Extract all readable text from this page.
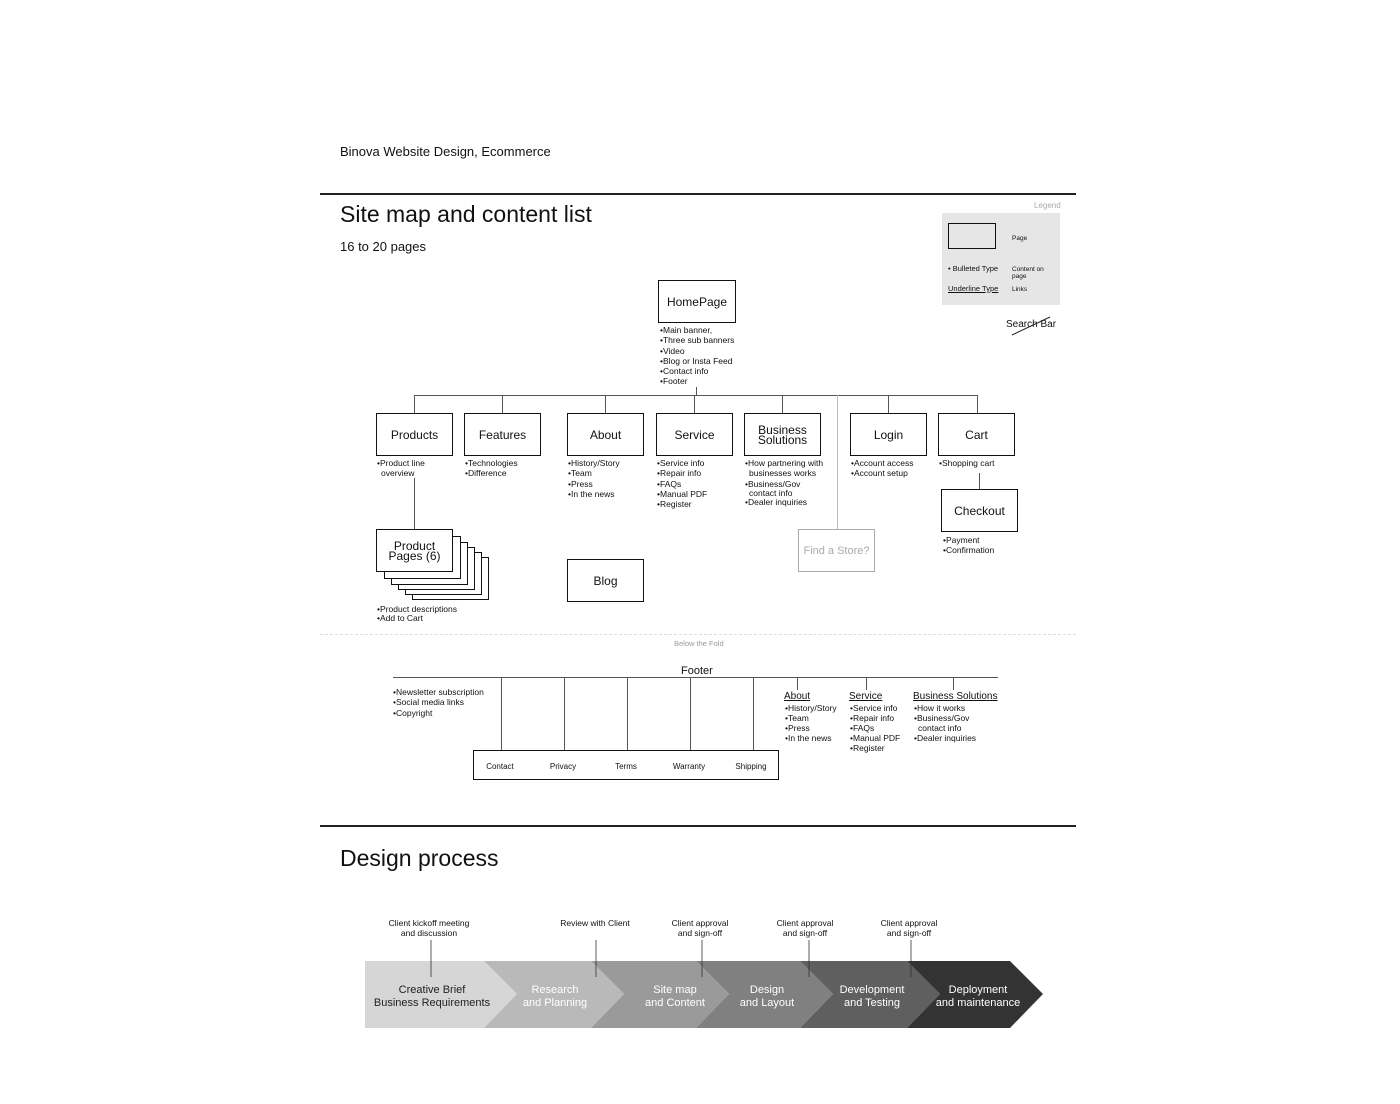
Binova Website Design, Ecommerce
Site map and content list
16 to 20 pages
Legend
Page
• Bulleted Type Content on page
Underline Type Links
Search Bar
HomePage
• Main banner,
• Three sub banners
• Video
• Blog or Insta Feed
• Contact info
• Footer
Products
• Product line
overview
Features
• Technologies
• Difference
About
• History/Story
• Team
• Press
• In the news
Service
• Service info
• Repair info
• FAQs
• Manual PDF
• Register
Business
Solutions
• How partnering with
businesses works
• Business/Gov
contact info
• Dealer inquiries
Login
• Account access
• Account setup
Cart
• Shopping cart
Checkout
• Payment
• Confirmation
Product
Pages (6)
• Product descriptions
• Add to Cart
Blog
Find a Store?
Below the Fold
Footer
• Newsletter subscription
• Social media links
• Copyright
Contact	Privacy	Terms	Warranty	Shipping
About
• History/Story
• Team
• Press
• In the news
Service
• Service info
• Repair info
• FAQs
• Manual PDF
• Register
Business Solutions
• How it works
• Business/Gov
contact info
• Dealer inquiries
Design process
Client kickoff meeting
and discussion
Review with Client	Client approval
and sign-off
Client approval
and sign-off
Client approval
and sign-off
Creative Brief
Business Requirements
Research
and Planning
Site map
and Content
Design
and Layout
Development
and Testing
Deployment
and maintenance
